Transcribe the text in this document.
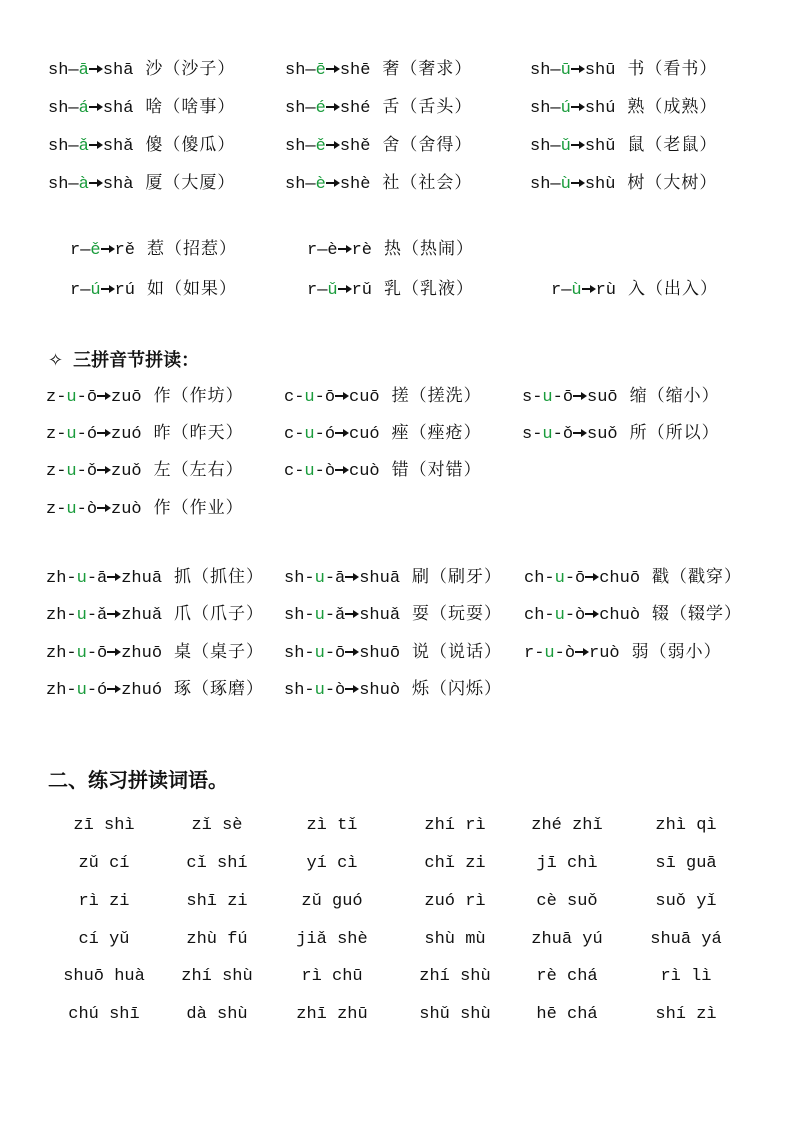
✧ 三拼音节拼读：
二、练习拼读词语。
sh—ā shā 沙（沙子）	sh—ē shē 奢（奢求）	sh—ū shū 书（看书）
sh—á shá 啥（啥事）	sh—é shé 舌（舌头）	sh—ú shú 熟（成熟）
sh—ǎ shǎ 傻（傻瓜）	sh—ě shě 舍（舍得）	sh—ǔ shǔ 鼠（老鼠）
sh—à shà 厦（大厦）	sh—è shè 社（社会）	sh—ù shù 树（大树）
r—ě rě 惹（招惹）	r—è rè 热（热闹）
r—ú rú 如（如果）	r—ǔ rǔ 乳（乳液）	r—ù rù 入（出入）
z-u-ō zuō 作（作坊） c-u-ō cuō 搓（搓洗） s-u-ō suō 缩（缩小）
z-u-ó zuó 昨（昨天） c-u-ó cuó 痤（痤疮） s-u-ǒ suǒ 所（所以）
z-u-ǒ zuǒ 左（左右） c-u-ò cuò 错（对错）
z-u-ò zuò 作（作业）
zh-u-ā zhuā 抓（抓住） sh-u-ā shuā 刷（刷牙） ch-u-ō chuō 戳（戳穿）
zh-u-ǎ zhuǎ 爪（爪子） sh-u-ǎ shuǎ 耍（玩耍） ch-u-ò chuò 辍（辍学）
zh-u-ō zhuō 桌（桌子） sh-u-ō shuō 说（说话） r-u-ò ruò 弱（弱小）
zh-u-ó zhuó 琢（琢磨） sh-u-ò shuò 烁（闪烁）
zī shì	zǐ sè	zì tǐ	zhí rì	zhé zhǐ	zhì qì
zǔ cí	cǐ shí	yí cì	chǐ zi	jī chì	sī guā
rì zi	shī zi	zǔ guó	zuó rì	cè suǒ	suǒ yǐ
cí yǔ	zhù fú	jiǎ shè	shù mù	zhuā yú	shuā yá
shuō huà	zhí shù	rì chū	zhí shù	rè chá	rì lì
chú shī	dà shù	zhī zhū	shǔ shù	hē chá	shí zì
